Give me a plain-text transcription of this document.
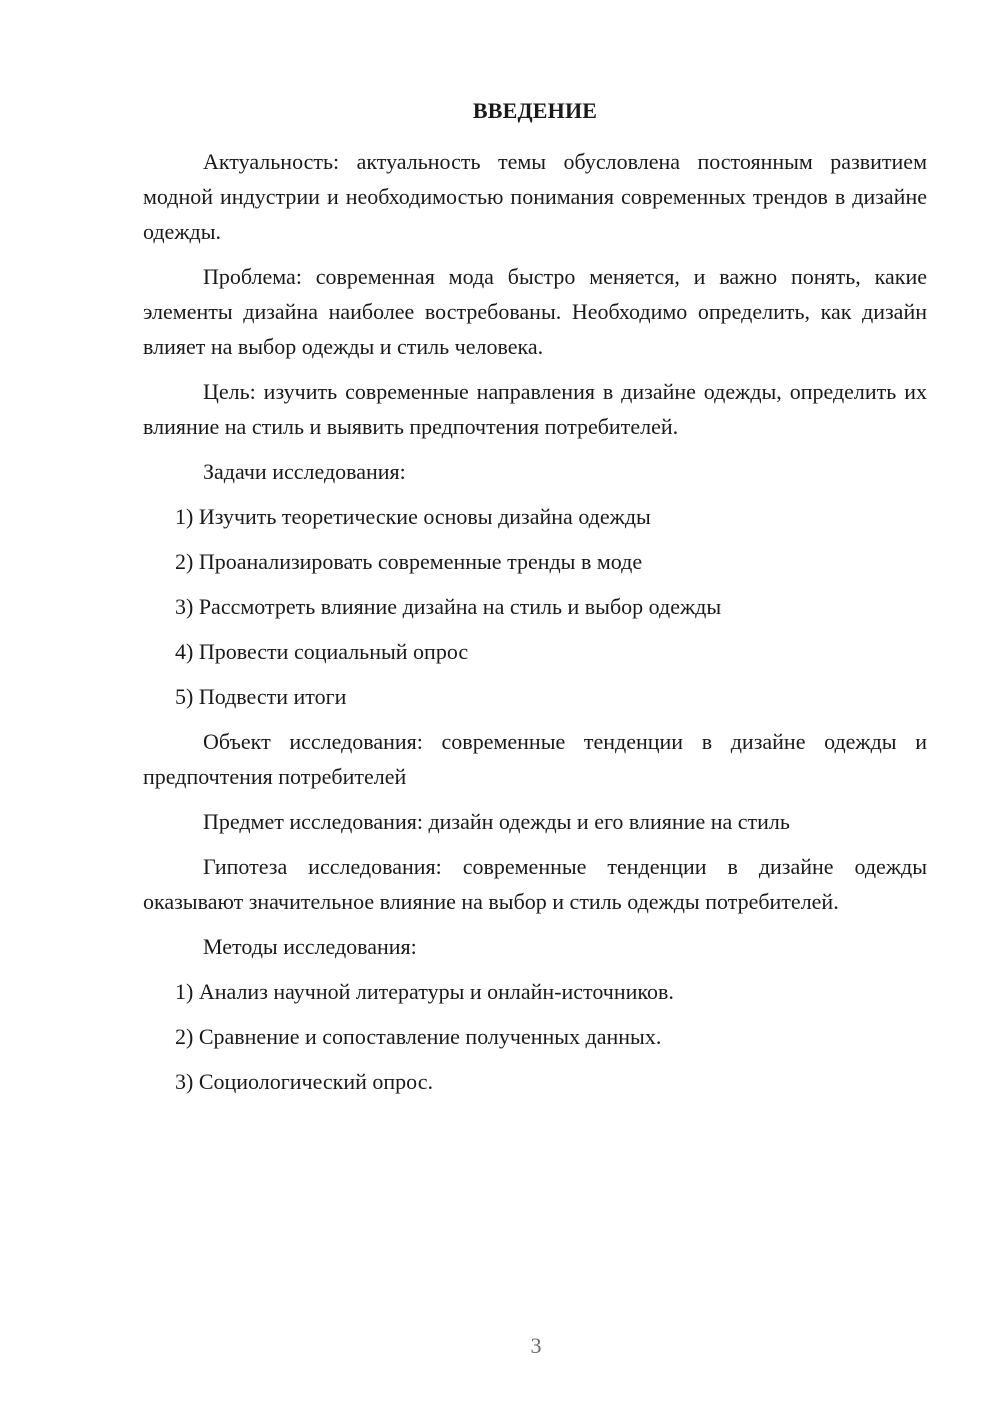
ВВЕДЕНИЕ

Актуальность: актуальность темы обусловлена постоянным развитием модной индустрии и необходимостью понимания современных трендов в дизайне одежды.

Проблема: современная мода быстро меняется, и важно понять, какие элементы дизайна наиболее востребованы. Необходимо определить, как дизайн влияет на выбор одежды и стиль человека.

Цель: изучить современные направления в дизайне одежды, определить их влияние на стиль и выявить предпочтения потребителей.

Задачи исследования:

1) Изучить теоретические основы дизайна одежды

2) Проанализировать современные тренды в моде

3) Рассмотреть влияние дизайна на стиль и выбор одежды

4) Провести социальный опрос

5) Подвести итоги

Объект исследования: современные тенденции в дизайне одежды и предпочтения потребителей

Предмет исследования: дизайн одежды и его влияние на стиль

Гипотеза исследования: современные тенденции в дизайне одежды оказывают значительное влияние на выбор и стиль одежды потребителей.

Методы исследования:

1) Анализ научной литературы и онлайн-источников.

2) Сравнение и сопоставление полученных данных.

3) Социологический опрос.

3
